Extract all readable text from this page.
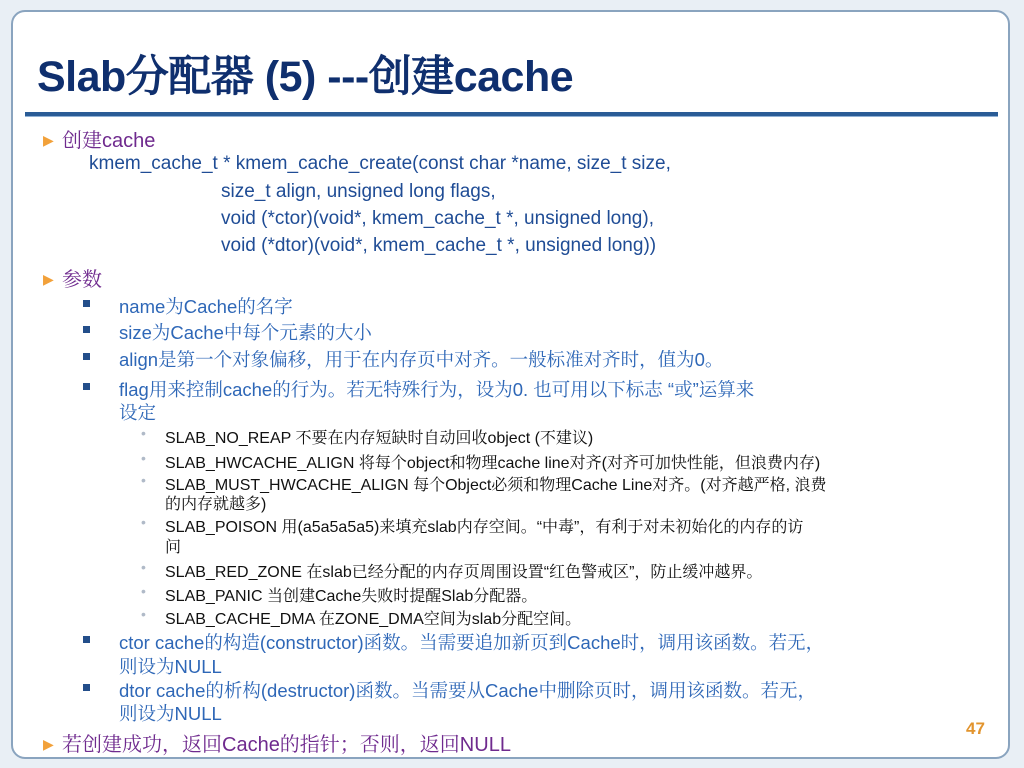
Slab分配器 (5) ---创建cache
▶ 创建cache
kmem_cache_t * kmem_cache_create(const char *name, size_t size,
size_t align, unsigned long flags,
void (*ctor)(void*, kmem_cache_t *, unsigned long),
void (*dtor)(void*, kmem_cache_t *, unsigned long))
▶ 参数
name为Cache的名字
size为Cache中每个元素的大小
align是第一个对象偏移，用于在内存页中对齐。一般标准对齐时，值为0。
flag用来控制cache的行为。若无特殊行为，设为0. 也可用以下标志 “或”运算来
设定
• SLAB_NO_REAP 不要在内存短缺时自动回收object (不建议)
• SLAB_HWCACHE_ALIGN 将每个object和物理cache line对齐(对齐可加快性能，但浪费内存)
• SLAB_MUST_HWCACHE_ALIGN 每个Object必须和物理Cache Line对齐。(对齐越严格, 浪费
的内存就越多)
• SLAB_POISON 用(a5a5a5a5)来填充slab内存空间。“中毒”，有利于对未初始化的内存的访
问
• SLAB_RED_ZONE 在slab已经分配的内存页周围设置“红色警戒区”，防止缓冲越界。
• SLAB_PANIC 当创建Cache失败时提醒Slab分配器。
• SLAB_CACHE_DMA 在ZONE_DMA空间为slab分配空间。
ctor cache的构造(constructor)函数。当需要追加新页到Cache时，调用该函数。若无，
则设为NULL
dtor cache的析构(destructor)函数。当需要从Cache中删除页时，调用该函数。若无，
则设为NULL
▶ 若创建成功，返回Cache的指针；否则，返回NULL
47
